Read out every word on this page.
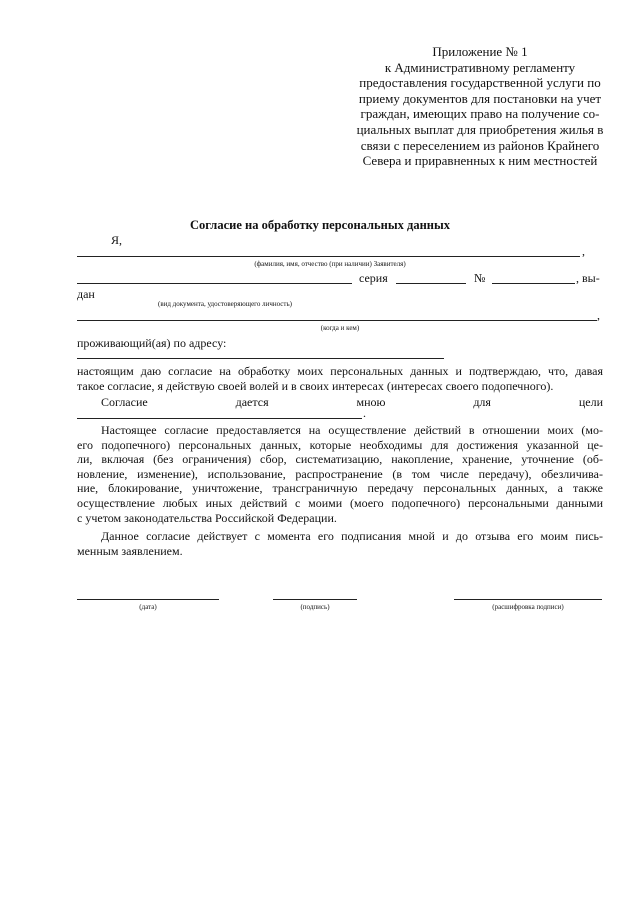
Приложение № 1
к Административному регламенту
предоставления государственной услуги по
приему документов для постановки на учет
граждан, имеющих право на получение со-
циальных выплат для приобретения жилья в
связи с переселением из районов Крайнего
Севера и приравненных к ним местностей
Согласие на обработку персональных данных
Я,
,
(фамилия, имя, отчество (при наличии) Заявителя)
серия	№	, вы-
дан
(вид документа, удостоверяющего личность)
,
(когда и кем)
проживающий(ая) по адресу:
настоящим даю согласие на обработку моих персональных данных и подтверждаю, что, давая
такое согласие, я действую своей волей и в своих интересах (интересах своего подопечного).
Согласие	дается	мною	для	цели
.
Настоящее согласие предоставляется на осуществление действий в отношении моих (мо-
его подопечного) персональных данных, которые необходимы для достижения указанной це-
ли, включая (без ограничения) сбор, систематизацию, накопление, хранение, уточнение (об-
новление, изменение), использование, распространение (в том числе передачу), обезличива-
ние, блокирование, уничтожение, трансграничную передачу персональных данных, а также
осуществление любых иных действий с моими (моего подопечного) персональными данными
с учетом законодательства Российской Федерации.
Данное согласие действует с момента его подписания мной и до отзыва его моим пись-
менным заявлением.
(дата)	(подпись)	(расшифровка подписи)
